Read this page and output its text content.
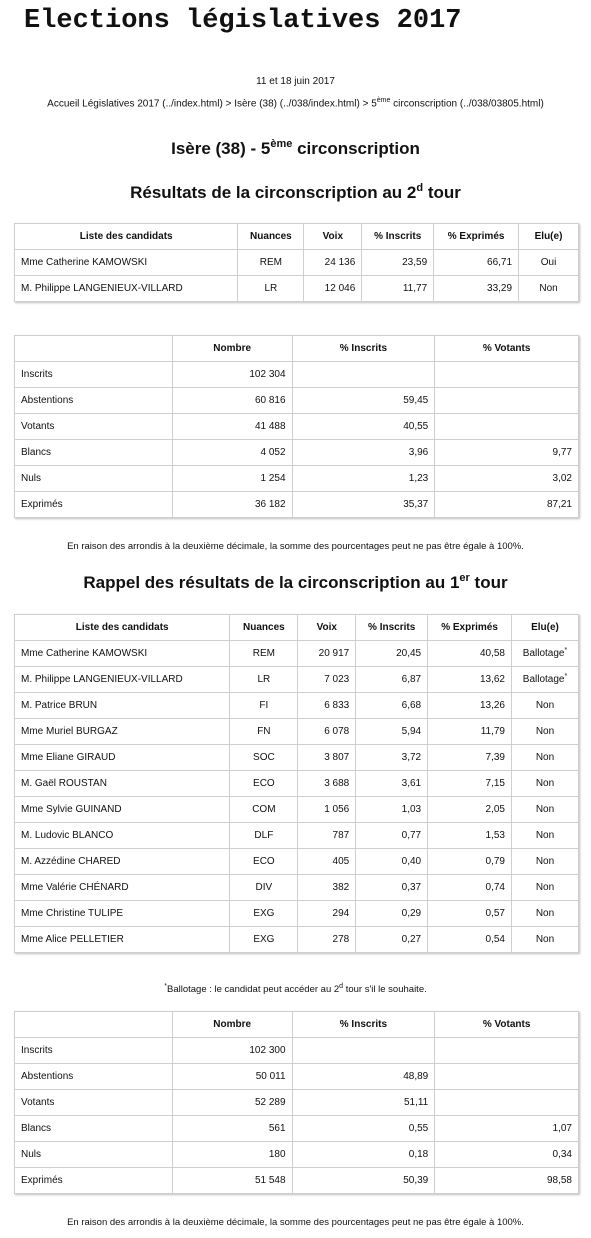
Elections législatives 2017
11 et 18 juin 2017
Accueil Législatives 2017 (../index.html) > Isère (38) (../038/index.html) > 5ème circonscription (../038/03805.html)
Isère (38) - 5ème circonscription
Résultats de la circonscription au 2$^d$ tour
Liste des candidats	Nuances	Voix	% Inscrits	% Exprimés	Elu(e)
Mme Catherine KAMOWSKI	REM	24 136	23,59	66,71	Oui
M. Philippe LANGENIEUX-VILLARD	LR	12 046	11,77	33,29	Non
	Nombre	% Inscrits	% Votants
Inscrits	102 304		
Abstentions	60 816	59,45	
Votants	41 488	40,55	
Blancs	4 052	3,96	9,77
Nuls	1 254	1,23	3,02
Exprimés	36 182	35,37	87,21
En raison des arrondis à la deuxième décimale, la somme des pourcentages peut ne pas être égale à 100%.
Rappel des résultats de la circonscription au 1er tour
Liste des candidats	Nuances	Voix	% Inscrits	% Exprimés	Elu(e)
Mme Catherine KAMOWSKI	REM	20 917	20,45	40,58	Ballotage*
M. Philippe LANGENIEUX-VILLARD	LR	7 023	6,87	13,62	Ballotage*
M. Patrice BRUN	FI	6 833	6,68	13,26	Non
Mme Muriel BURGAZ	FN	6 078	5,94	11,79	Non
Mme Eliane GIRAUD	SOC	3 807	3,72	7,39	Non
M. Gaël ROUSTAN	ECO	3 688	3,61	7,15	Non
Mme Sylvie GUINAND	COM	1 056	1,03	2,05	Non
M. Ludovic BLANCO	DLF	787	0,77	1,53	Non
M. Azzédine CHARED	ECO	405	0,40	0,79	Non
Mme Valérie CHÉNARD	DIV	382	0,37	0,74	Non
Mme Christine TULIPE	EXG	294	0,29	0,57	Non
Mme Alice PELLETIER	EXG	278	0,27	0,54	Non
*Ballotage : le candidat peut accéder au 2$^d$ tour s'il le souhaite.
	Nombre	% Inscrits	% Votants
Inscrits	102 300		
Abstentions	50 011	48,89	
Votants	52 289	51,11	
Blancs	561	0,55	1,07
Nuls	180	0,18	0,34
Exprimés	51 548	50,39	98,58
En raison des arrondis à la deuxième décimale, la somme des pourcentages peut ne pas être égale à 100%.
